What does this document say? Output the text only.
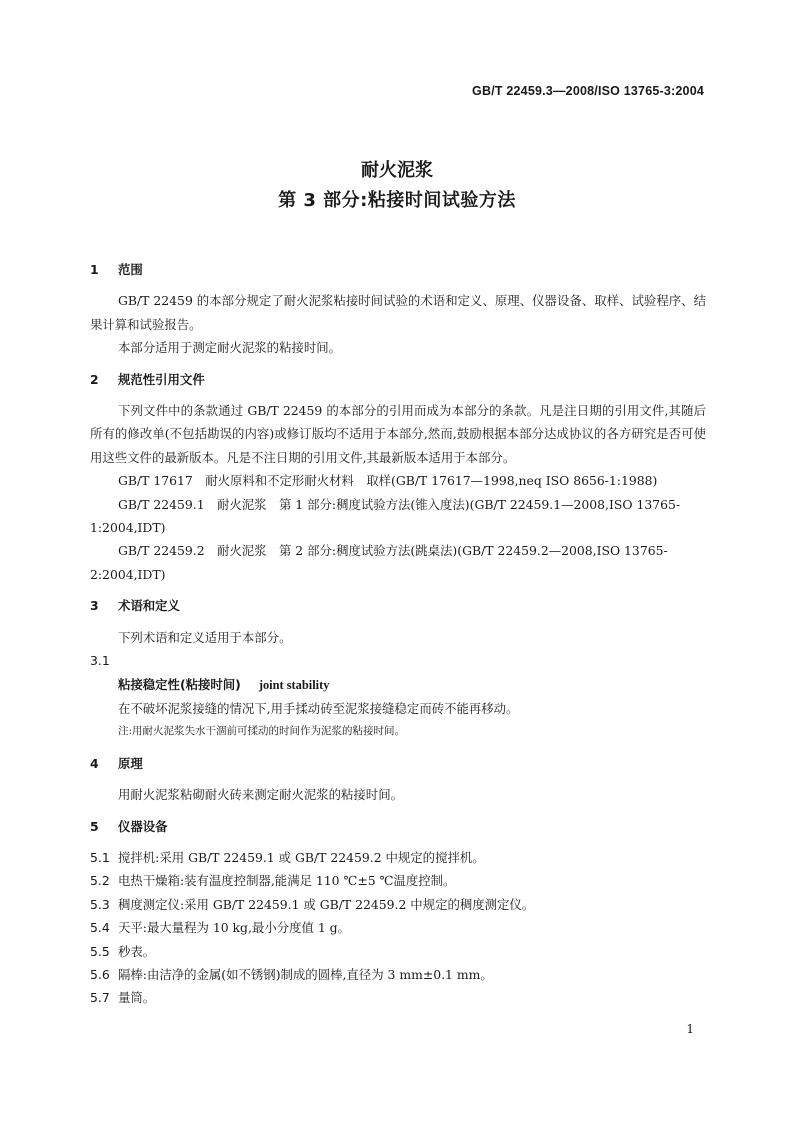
GB/T 22459.3—2008/ISO 13765-3:2004
耐火泥浆
第 3 部分:粘接时间试验方法
1 范围
GB/T 22459 的本部分规定了耐火泥浆粘接时间试验的术语和定义、原理、仪器设备、取样、试验程序、结果计算和试验报告。
本部分适用于测定耐火泥浆的粘接时间。
2 规范性引用文件
下列文件中的条款通过 GB/T 22459 的本部分的引用而成为本部分的条款。凡是注日期的引用文件,其随后所有的修改单(不包括勘误的内容)或修订版均不适用于本部分,然而,鼓励根据本部分达成协议的各方研究是否可使用这些文件的最新版本。凡是不注日期的引用文件,其最新版本适用于本部分。
GB/T 17617　耐火原料和不定形耐火材料　取样(GB/T 17617—1998,neq ISO 8656-1:1988)
GB/T 22459.1　耐火泥浆　第 1 部分:稠度试验方法(锥入度法)(GB/T 22459.1—2008,ISO 13765-1:2004,IDT)
GB/T 22459.2　耐火泥浆　第 2 部分:稠度试验方法(跳桌法)(GB/T 22459.2—2008,ISO 13765-2:2004,IDT)
3 术语和定义
下列术语和定义适用于本部分。
3.1
粘接稳定性(粘接时间) joint stability
在不破坏泥浆接缝的情况下,用手揉动砖至泥浆接缝稳定而砖不能再移动。
注:用耐火泥浆失水干涸前可揉动的时间作为泥浆的粘接时间。
4 原理
用耐火泥浆粘砌耐火砖来测定耐火泥浆的粘接时间。
5 仪器设备
5.1 搅拌机:采用 GB/T 22459.1 或 GB/T 22459.2 中规定的搅拌机。
5.2 电热干燥箱:装有温度控制器,能满足 110 ℃±5 ℃温度控制。
5.3 稠度测定仪:采用 GB/T 22459.1 或 GB/T 22459.2 中规定的稠度测定仪。
5.4 天平:最大量程为 10 kg,最小分度值 1 g。
5.5 秒表。
5.6 隔棒:由洁净的金属(如不锈钢)制成的圆棒,直径为 3 mm±0.1 mm。
5.7 量筒。
1
